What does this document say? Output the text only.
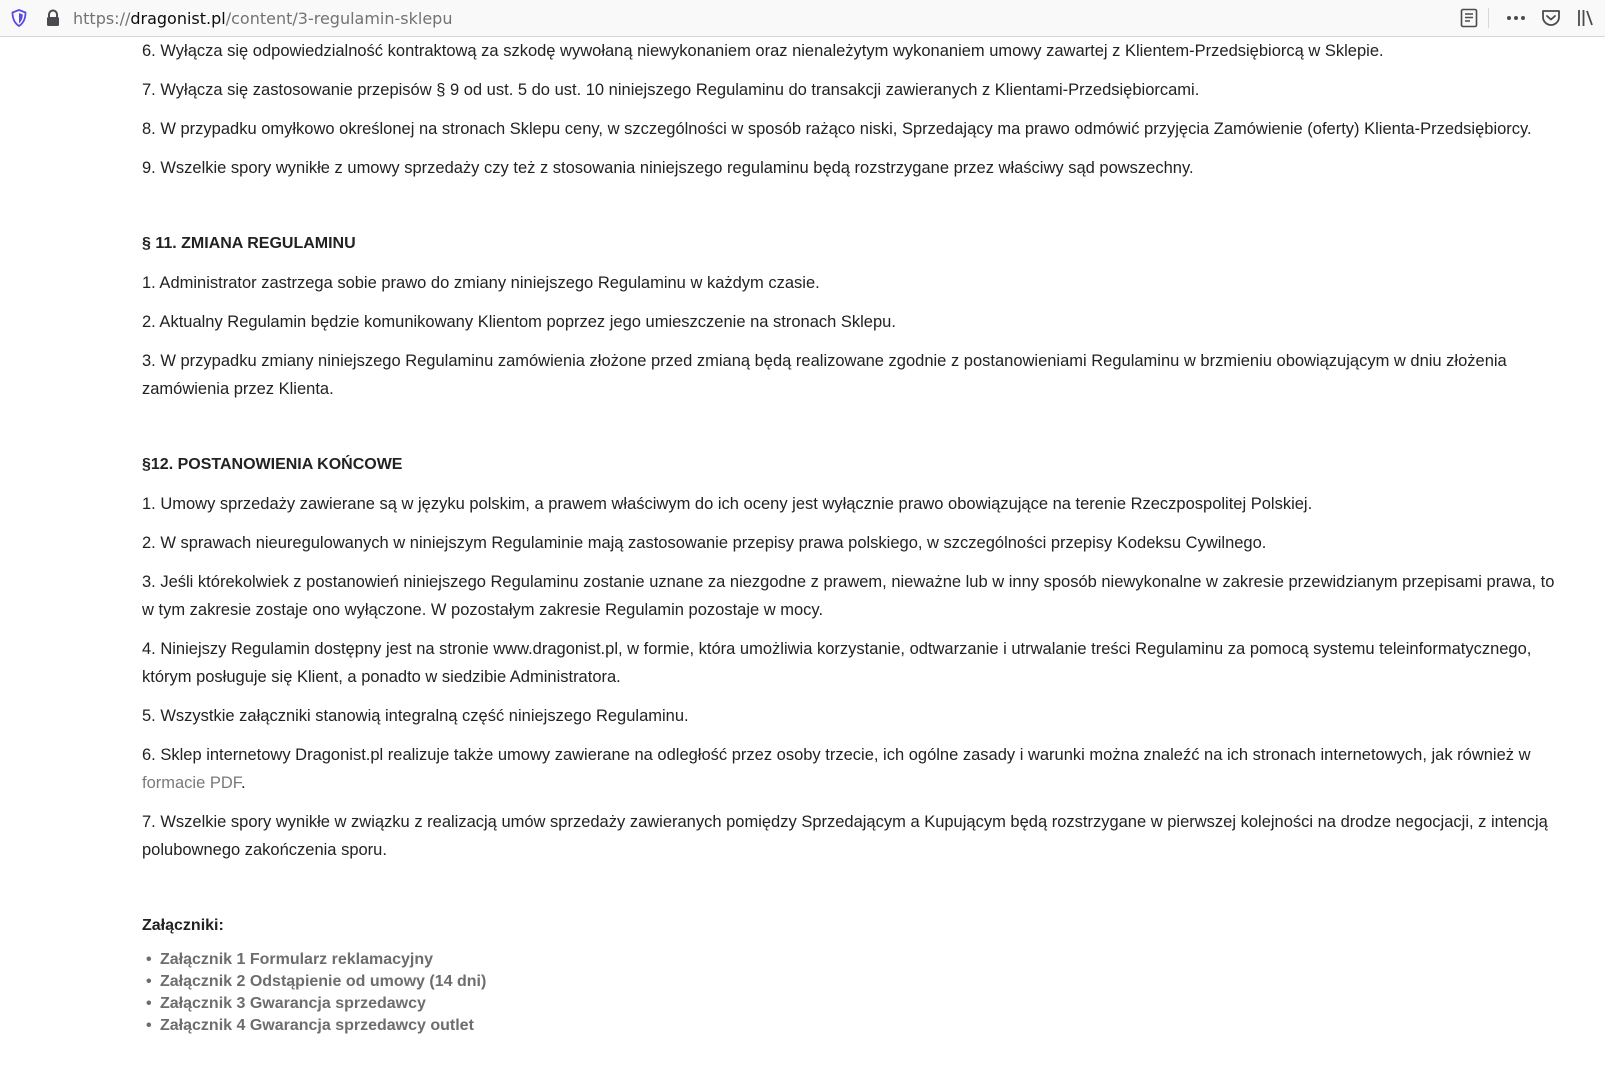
https://dragonist.pl/content/3-regulamin-sklepu

6. Wyłącza się odpowiedzialność kontraktową za szkodę wywołaną niewykonaniem oraz nienależytym wykonaniem umowy zawartej z Klientem-Przedsiębiorcą w Sklepie.

7. Wyłącza się zastosowanie przepisów § 9 od ust. 5 do ust. 10 niniejszego Regulaminu do transakcji zawieranych z Klientami-Przedsiębiorcami.

8. W przypadku omyłkowo określonej na stronach Sklepu ceny, w szczególności w sposób rażąco niski, Sprzedający ma prawo odmówić przyjęcia Zamówienie (oferty) Klienta-Przedsiębiorcy.

9. Wszelkie spory wynikłe z umowy sprzedaży czy też z stosowania niniejszego regulaminu będą rozstrzygane przez właściwy sąd powszechny.

§ 11. ZMIANA REGULAMINU

1. Administrator zastrzega sobie prawo do zmiany niniejszego Regulaminu w każdym czasie.

2. Aktualny Regulamin będzie komunikowany Klientom poprzez jego umieszczenie na stronach Sklepu.

3. W przypadku zmiany niniejszego Regulaminu zamówienia złożone przed zmianą będą realizowane zgodnie z postanowieniami Regulaminu w brzmieniu obowiązującym w dniu złożenia zamówienia przez Klienta.

§12. POSTANOWIENIA KOŃCOWE

1. Umowy sprzedaży zawierane są w języku polskim, a prawem właściwym do ich oceny jest wyłącznie prawo obowiązujące na terenie Rzeczpospolitej Polskiej.

2. W sprawach nieuregulowanych w niniejszym Regulaminie mają zastosowanie przepisy prawa polskiego, w szczególności przepisy Kodeksu Cywilnego.

3. Jeśli którekolwiek z postanowień niniejszego Regulaminu zostanie uznane za niezgodne z prawem, nieważne lub w inny sposób niewykonalne w zakresie przewidzianym przepisami prawa, to w tym zakresie zostaje ono wyłączone. W pozostałym zakresie Regulamin pozostaje w mocy.

4. Niniejszy Regulamin dostępny jest na stronie www.dragonist.pl, w formie, która umożliwia korzystanie, odtwarzanie i utrwalanie treści Regulaminu za pomocą systemu teleinformatycznego, którym posługuje się Klient, a ponadto w siedzibie Administratora.

5. Wszystkie załączniki stanowią integralną część niniejszego Regulaminu.

6. Sklep internetowy Dragonist.pl realizuje także umowy zawierane na odległość przez osoby trzecie, ich ogólne zasady i warunki można znaleźć na ich stronach internetowych, jak również w formacie PDF.

7. Wszelkie spory wynikłe w związku z realizacją umów sprzedaży zawieranych pomiędzy Sprzedającym a Kupującym będą rozstrzygane w pierwszej kolejności na drodze negocjacji, z intencją polubownego zakończenia sporu.

Załączniki:

• Załącznik 1 Formularz reklamacyjny
• Załącznik 2 Odstąpienie od umowy (14 dni)
• Załącznik 3 Gwarancja sprzedawcy
• Załącznik 4 Gwarancja sprzedawcy outlet
